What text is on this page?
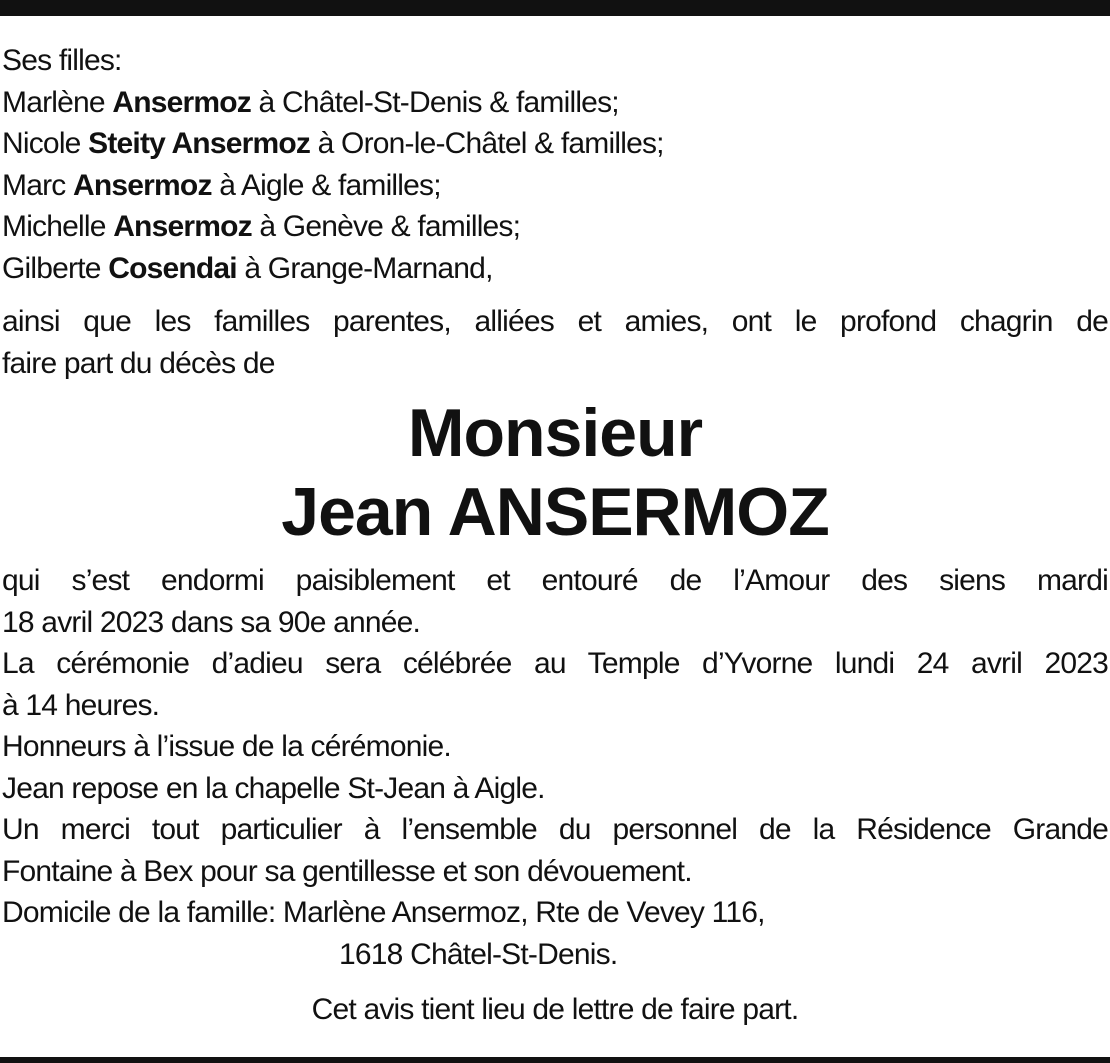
Ses filles:
Marlène Ansermoz à Châtel-St-Denis & familles;
Nicole Steity Ansermoz à Oron-le-Châtel & familles;
Marc Ansermoz à Aigle & familles;
Michelle Ansermoz à Genève & familles;
Gilberte Cosendai à Grange-Marnand,
ainsi que les familles parentes, alliées et amies, ont le profond chagrin de
faire part du décès de
Monsieur
Jean ANSERMOZ
qui s’est endormi paisiblement et entouré de l’Amour des siens mardi
18 avril 2023 dans sa 90e année.
La cérémonie d’adieu sera célébrée au Temple d’Yvorne lundi 24 avril 2023
à 14 heures.
Honneurs à l’issue de la cérémonie.
Jean repose en la chapelle St-Jean à Aigle.
Un merci tout particulier à l’ensemble du personnel de la Résidence Grande
Fontaine à Bex pour sa gentillesse et son dévouement.
Domicile de la famille: Marlène Ansermoz, Rte de Vevey 116,
1618 Châtel-St-Denis.
Cet avis tient lieu de lettre de faire part.
